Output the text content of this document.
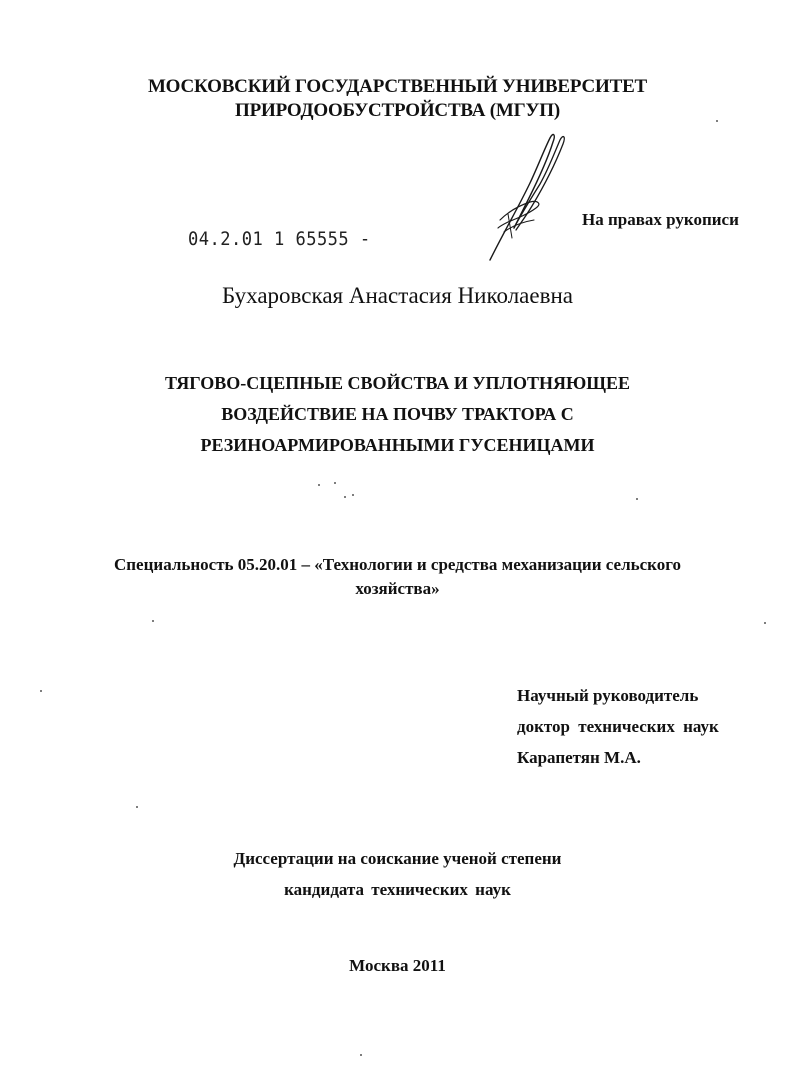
МОСКОВСКИЙ ГОСУДАРСТВЕННЫЙ УНИВЕРСИТЕТ
ПРИРОДООБУСТРОЙСТВА (МГУП)
04.2.01 1 65555 -
На правах рукописи
Бухаровская Анастасия Николаевна
ТЯГОВО-СЦЕПНЫЕ СВОЙСТВА И УПЛОТНЯЮЩЕЕ
ВОЗДЕЙСТВИЕ НА ПОЧВУ ТРАКТОРА С
РЕЗИНОАРМИРОВАННЫМИ ГУСЕНИЦАМИ
Специальность 05.20.01 – «Технологии и средства механизации сельского
хозяйства»
Научный руководитель
доктор технических наук
Карапетян М.А.
Диссертации на соискание ученой степени
кандидата технических наук
Москва 2011
